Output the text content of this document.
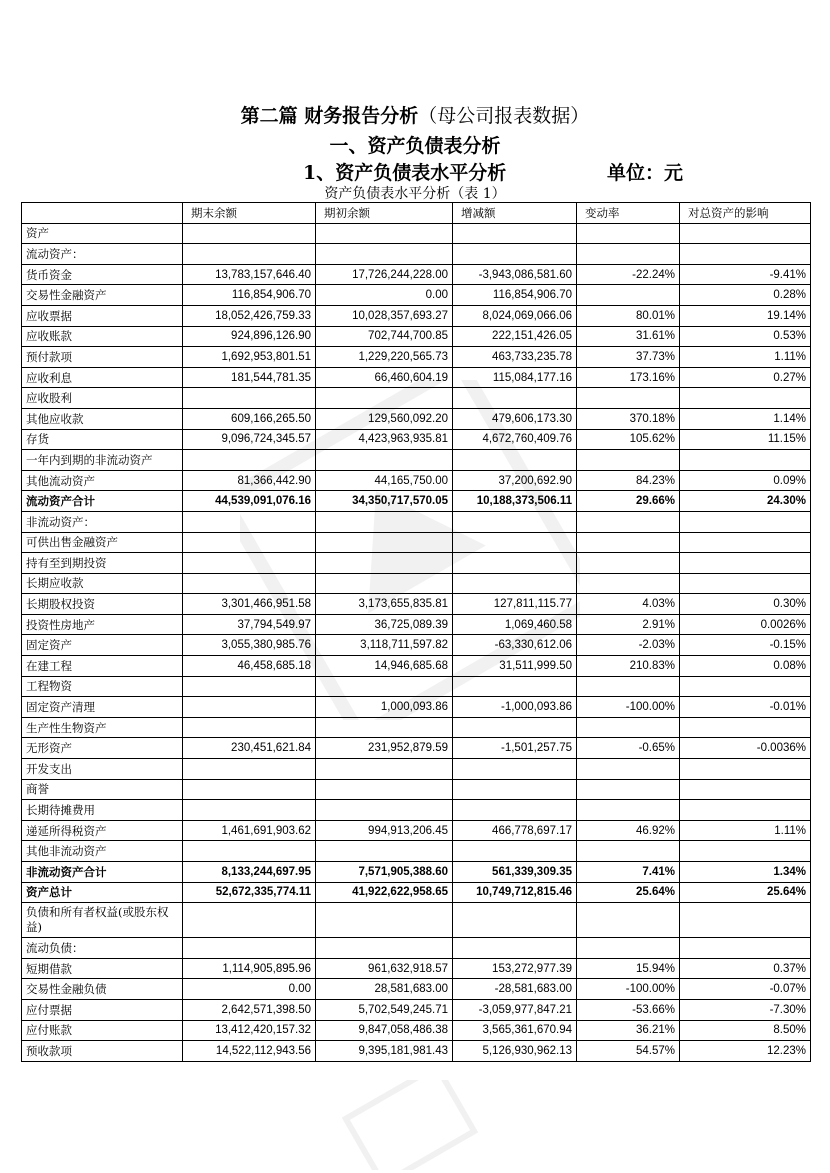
第二篇 财务报告分析（母公司报表数据）
一、资产负债表分析
1、资产负债表水平分析	单位：元
资产负债表水平分析（表 1）
	期末余额	期初余额	增减额	变动率	对总资产的影响
资产					
流动资产：					
货币资金	13,783,157,646.40	17,726,244,228.00	-3,943,086,581.60	-22.24%	-9.41%
交易性金融资产	116,854,906.70	0.00	116,854,906.70		0.28%
应收票据	18,052,426,759.33	10,028,357,693.27	8,024,069,066.06	80.01%	19.14%
应收账款	924,896,126.90	702,744,700.85	222,151,426.05	31.61%	0.53%
预付款项	1,692,953,801.51	1,229,220,565.73	463,733,235.78	37.73%	1.11%
应收利息	181,544,781.35	66,460,604.19	115,084,177.16	173.16%	0.27%
应收股利					
其他应收款	609,166,265.50	129,560,092.20	479,606,173.30	370.18%	1.14%
存货	9,096,724,345.57	4,423,963,935.81	4,672,760,409.76	105.62%	11.15%
一年内到期的非流动资产					
其他流动资产	81,366,442.90	44,165,750.00	37,200,692.90	84.23%	0.09%
流动资产合计	44,539,091,076.16	34,350,717,570.05	10,188,373,506.11	29.66%	24.30%
非流动资产：					
可供出售金融资产					
持有至到期投资					
长期应收款					
长期股权投资	3,301,466,951.58	3,173,655,835.81	127,811,115.77	4.03%	0.30%
投资性房地产	37,794,549.97	36,725,089.39	1,069,460.58	2.91%	0.0026%
固定资产	3,055,380,985.76	3,118,711,597.82	-63,330,612.06	-2.03%	-0.15%
在建工程	46,458,685.18	14,946,685.68	31,511,999.50	210.83%	0.08%
工程物资					
固定资产清理		1,000,093.86	-1,000,093.86	-100.00%	-0.01%
生产性生物资产					
无形资产	230,451,621.84	231,952,879.59	-1,501,257.75	-0.65%	-0.0036%
开发支出					
商誉					
长期待摊费用					
递延所得税资产	1,461,691,903.62	994,913,206.45	466,778,697.17	46.92%	1.11%
其他非流动资产					
非流动资产合计	8,133,244,697.95	7,571,905,388.60	561,339,309.35	7.41%	1.34%
资产总计	52,672,335,774.11	41,922,622,958.65	10,749,712,815.46	25.64%	25.64%
负债和所有者权益(或股东权益)					
流动负债：					
短期借款	1,114,905,895.96	961,632,918.57	153,272,977.39	15.94%	0.37%
交易性金融负债	0.00	28,581,683.00	-28,581,683.00	-100.00%	-0.07%
应付票据	2,642,571,398.50	5,702,549,245.71	-3,059,977,847.21	-53.66%	-7.30%
应付账款	13,412,420,157.32	9,847,058,486.38	3,565,361,670.94	36.21%	8.50%
预收款项	14,522,112,943.56	9,395,181,981.43	5,126,930,962.13	54.57%	12.23%
